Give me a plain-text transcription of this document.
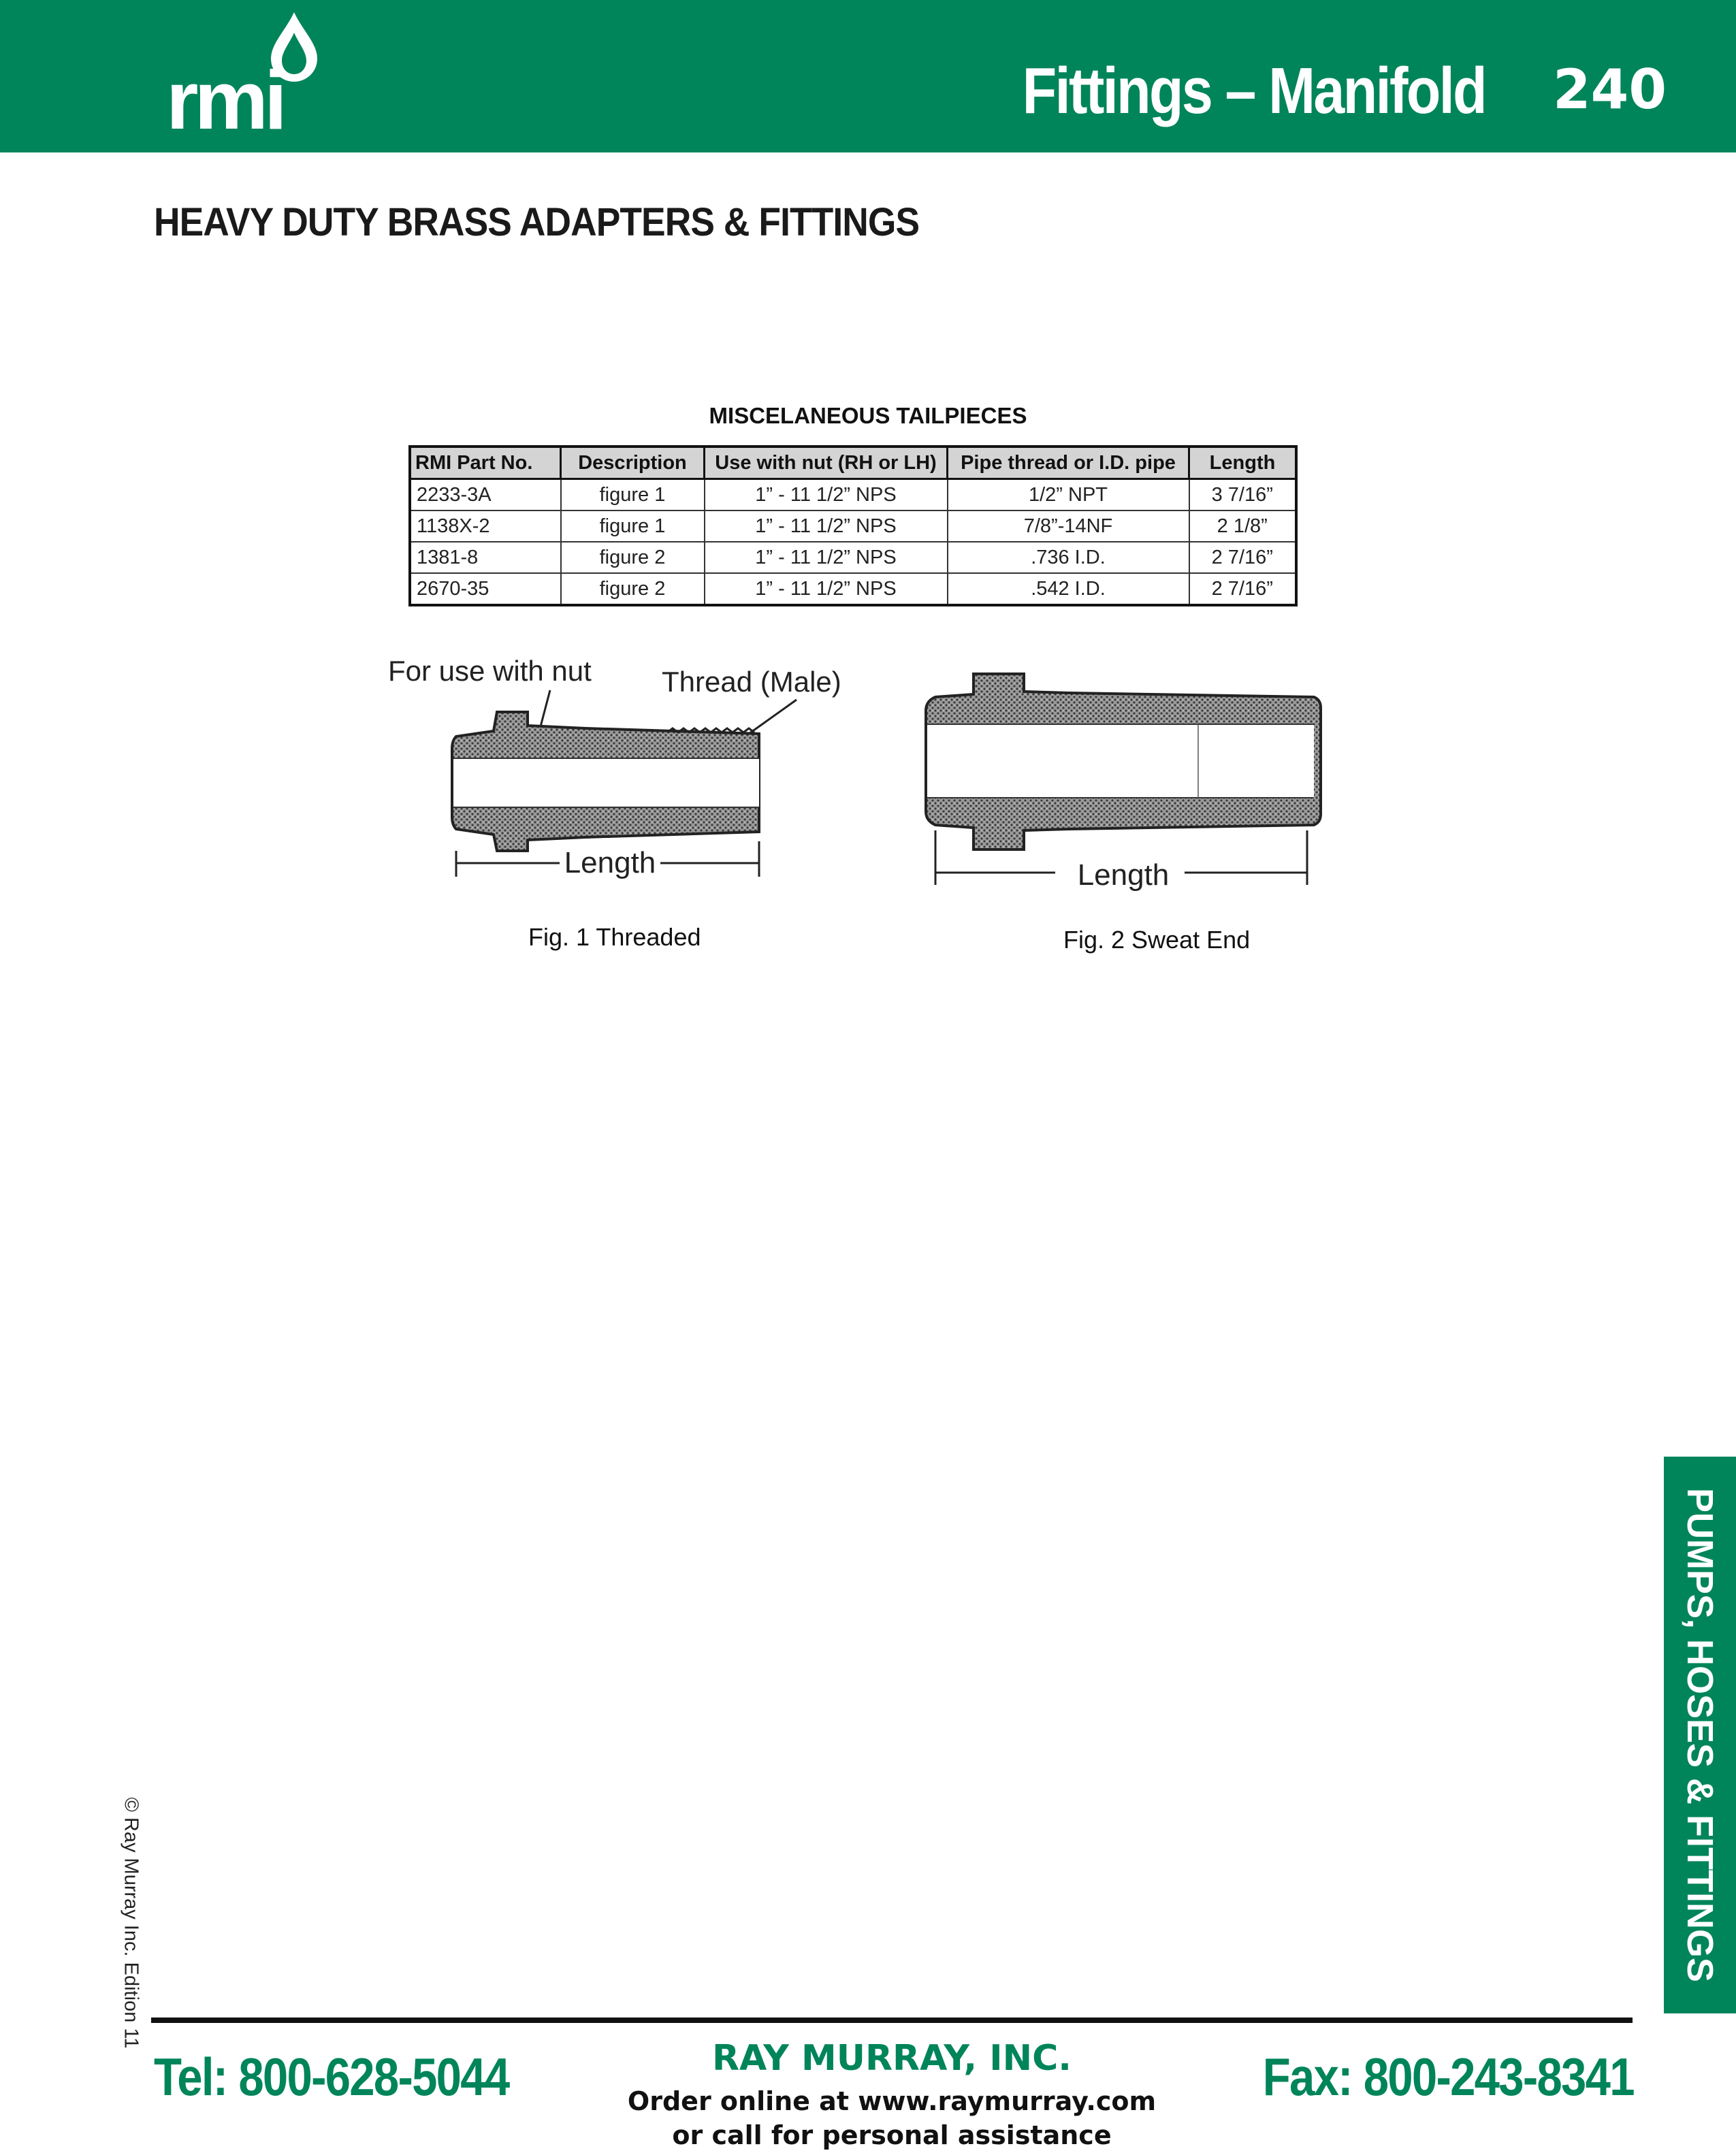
rmi	Fittings – Manifold 240
HEAVY DUTY BRASS ADAPTERS & FITTINGS
MISCELANEOUS TAILPIECES
RMI Part No.	Description	Use with nut (RH or LH)	Pipe thread or I.D. pipe	Length
2233-3A	figure 1	1” - 11 1/2” NPS	1/2” NPT	3 7/16”
1138X-2	figure 1	1” - 11 1/2” NPS	7/8”-14NF	2 1/8”
1381-8	figure 2	1” - 11 1/2” NPS	.736 I.D.	2 7/16”
2670-35	figure 2	1” - 11 1/2” NPS	.542 I.D.	2 7/16”
For use with nut Thread (Male)
Length
Fig. 1 Threaded
Length
Fig. 2 Sweat End
PUMPS, HOSES & FITTINGS
© Ray Murray Inc. Edition 11
Tel: 800-628-5044	RAY MURRAY, INC.
Order online at www.raymurray.com
or call for personal assistance
Fax: 800-243-8341
